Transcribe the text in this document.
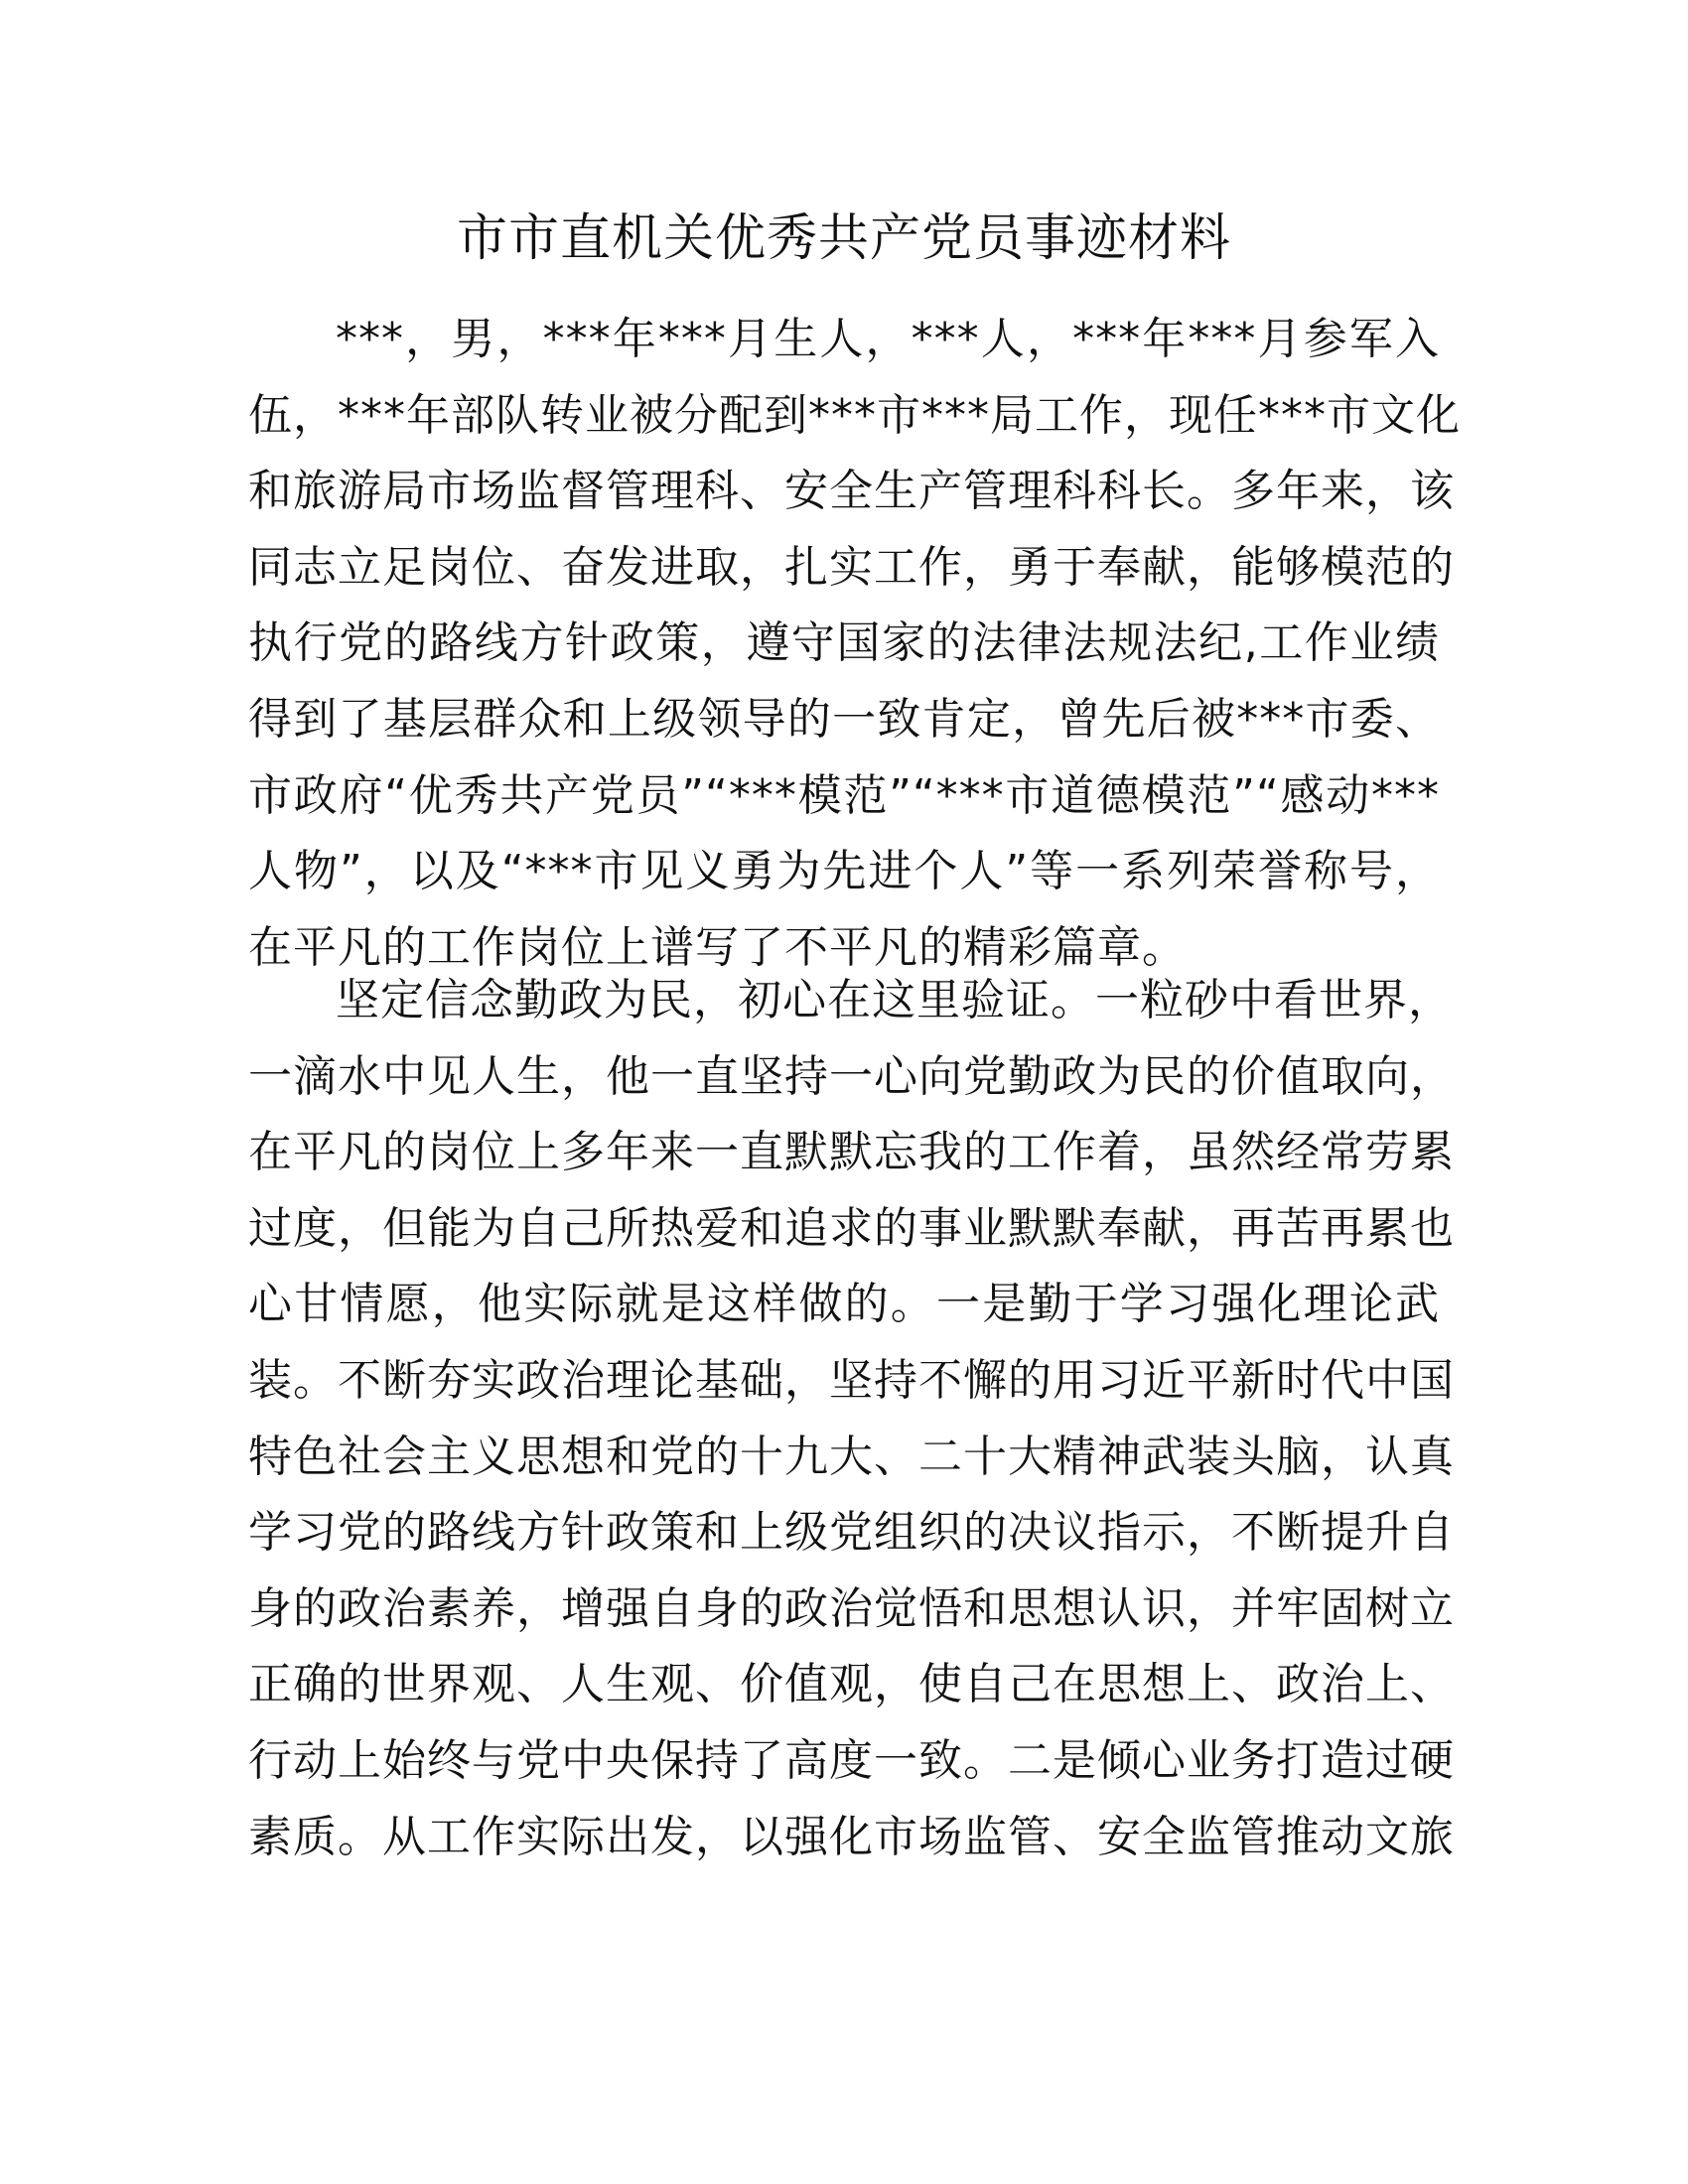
市市直机关优秀共产党员事迹材料
***，男，***年***月生人，***人，***年***月参军入
伍，***年部队转业被分配到***市***局工作，现任***市文化
和旅游局市场监督管理科、安全生产管理科科长。多年来，该
同志立足岗位、奋发进取，扎实工作，勇于奉献，能够模范的
执行党的路线方针政策，遵守国家的法律法规法纪,工作业绩
得到了基层群众和上级领导的一致肯定，曾先后被***市委、
市政府“优秀共产党员”“***模范”“***市道德模范”“感动***
人物”，以及“***市见义勇为先进个人”等一系列荣誉称号，
在平凡的工作岗位上谱写了不平凡的精彩篇章。
坚定信念勤政为民，初心在这里验证。一粒砂中看世界，
一滴水中见人生，他一直坚持一心向党勤政为民的价值取向，
在平凡的岗位上多年来一直默默忘我的工作着，虽然经常劳累
过度，但能为自己所热爱和追求的事业默默奉献，再苦再累也
心甘情愿，他实际就是这样做的。一是勤于学习强化理论武
装。不断夯实政治理论基础，坚持不懈的用习近平新时代中国
特色社会主义思想和党的十九大、二十大精神武装头脑，认真
学习党的路线方针政策和上级党组织的决议指示，不断提升自
身的政治素养，增强自身的政治觉悟和思想认识，并牢固树立
正确的世界观、人生观、价值观，使自己在思想上、政治上、
行动上始终与党中央保持了高度一致。二是倾心业务打造过硬
素质。从工作实际出发，以强化市场监管、安全监管推动文旅
